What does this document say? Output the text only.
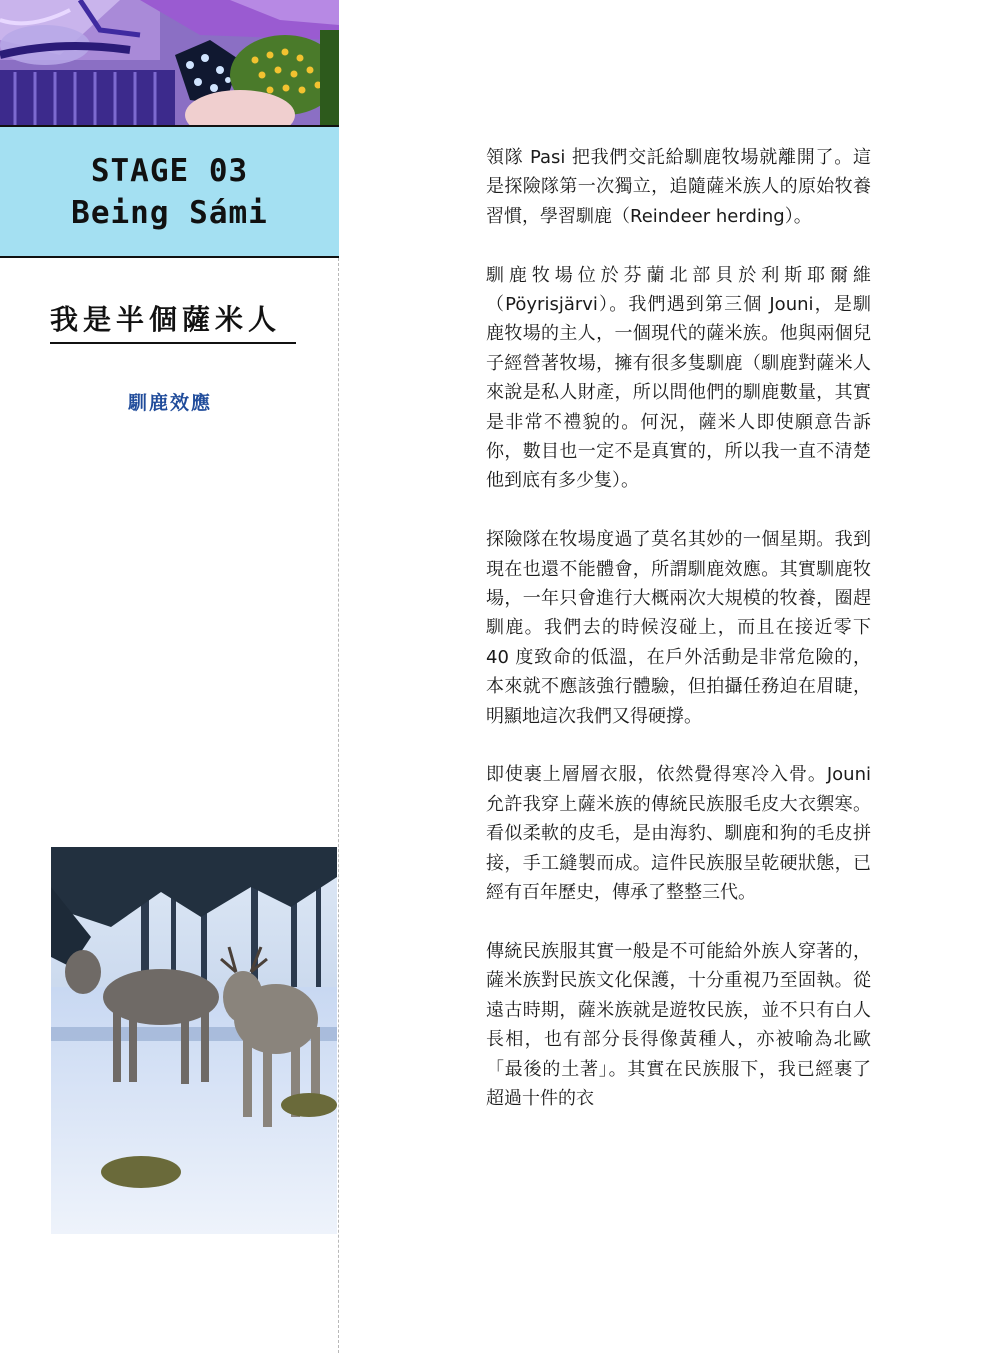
STAGE 03
Being Sámi
我是半個薩米人
馴鹿效應

領隊 Pasi 把我們交託給馴鹿牧場就離開了。這是探險隊第一次獨立，追隨薩米族人的原始牧養習慣，學習馴鹿（Reindeer herding）。

馴鹿牧場位於芬蘭北部貝於利斯耶爾維（Pöyrisjärvi）。我們遇到第三個 Jouni，是馴鹿牧場的主人，一個現代的薩米族。他與兩個兒子經營著牧場，擁有很多隻馴鹿（馴鹿對薩米人來說是私人財產，所以問他們的馴鹿數量，其實是非常不禮貌的。何況，薩米人即使願意告訴你，數目也一定不是真實的，所以我一直不清楚他到底有多少隻）。

探險隊在牧場度過了莫名其妙的一個星期。我到現在也還不能體會，所謂馴鹿效應。其實馴鹿牧場，一年只會進行大概兩次大規模的牧養，圈趕馴鹿。我們去的時候沒碰上，而且在接近零下 40 度致命的低溫，在戶外活動是非常危險的，本來就不應該強行體驗，但拍攝任務迫在眉睫，明顯地這次我們又得硬撐。

即使裹上層層衣服，依然覺得寒冷入骨。Jouni 允許我穿上薩米族的傳統民族服毛皮大衣禦寒。看似柔軟的皮毛，是由海豹、馴鹿和狗的毛皮拼接，手工縫製而成。這件民族服呈乾硬狀態，已經有百年歷史，傳承了整整三代。

傳統民族服其實一般是不可能給外族人穿著的，薩米族對民族文化保護，十分重視乃至固執。從遠古時期，薩米族就是遊牧民族，並不只有白人長相，也有部分長得像黃種人，亦被喻為北歐「最後的土著」。其實在民族服下，我已經裹了超過十件的衣
